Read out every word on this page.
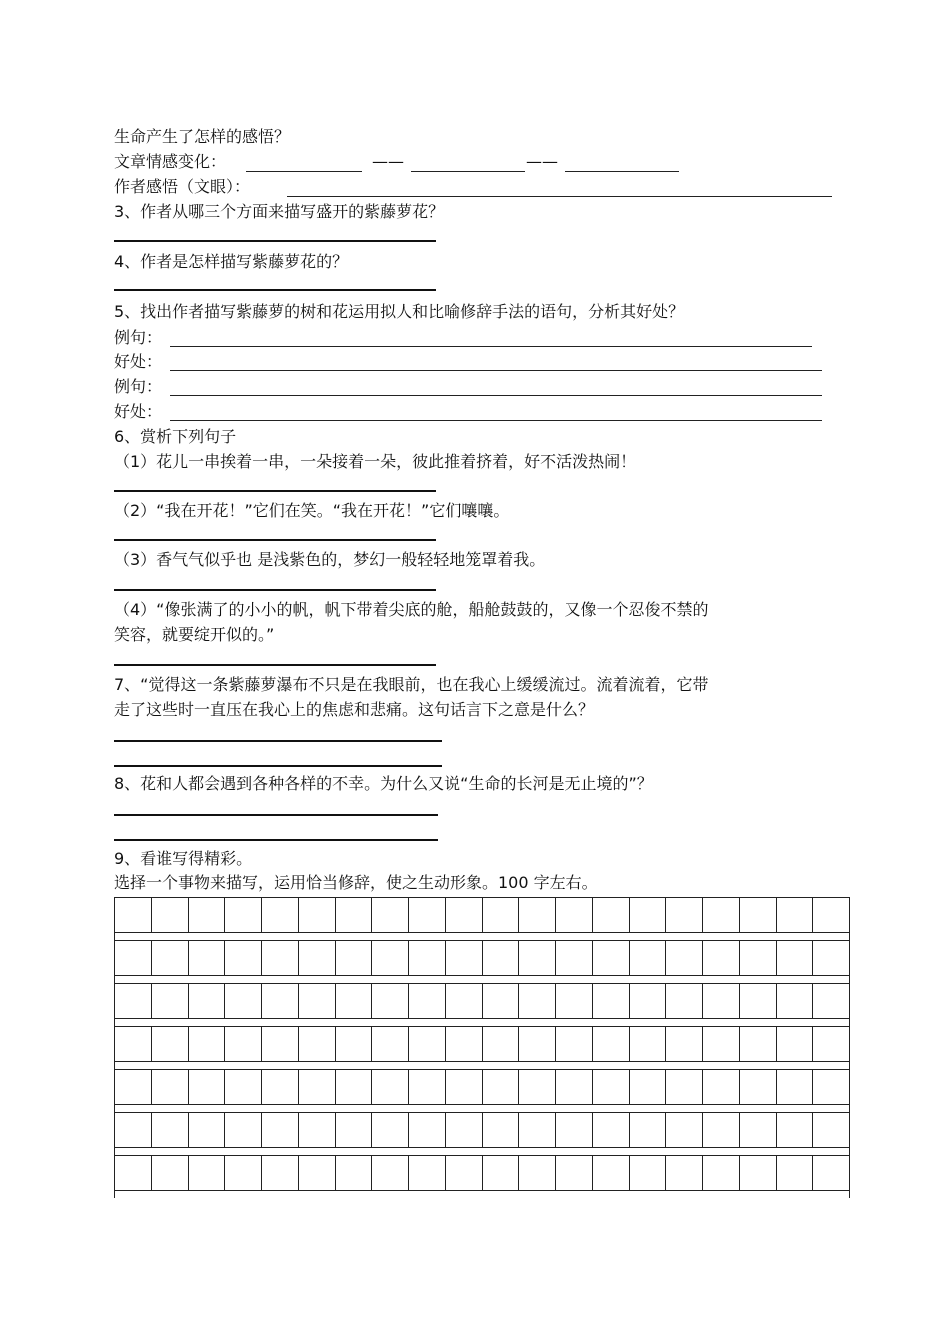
生命产生了怎样的感悟？
文章情感变化：	——	——
作者感悟（文眼）：
3、作者从哪三个方面来描写盛开的紫藤萝花？
4、作者是怎样描写紫藤萝花的？
5、找出作者描写紫藤萝的树和花运用拟人和比喻修辞手法的语句，分析其好处？
例句：
好处：
例句：
好处：
6、赏析下列句子
（1）花儿一串挨着一串，一朵接着一朵，彼此推着挤着，好不活泼热闹！
（2）“我在开花！”它们在笑。“我在开花！”它们嚷嚷。
（3）香气气似乎也 是浅紫色的，梦幻一般轻轻地笼罩着我。
（4）“像张满了的小小的帆，帆下带着尖底的舱，船舱鼓鼓的，又像一个忍俊不禁的
笑容，就要绽开似的。”
7、“觉得这一条紫藤萝瀑布不只是在我眼前，也在我心上缓缓流过。流着流着，它带
走了这些时一直压在我心上的焦虑和悲痛。这句话言下之意是什么？
8、花和人都会遇到各种各样的不幸。为什么又说“生命的长河是无止境的”？
9、看谁写得精彩。
选择一个事物来描写，运用恰当修辞，使之生动形象。100 字左右。
